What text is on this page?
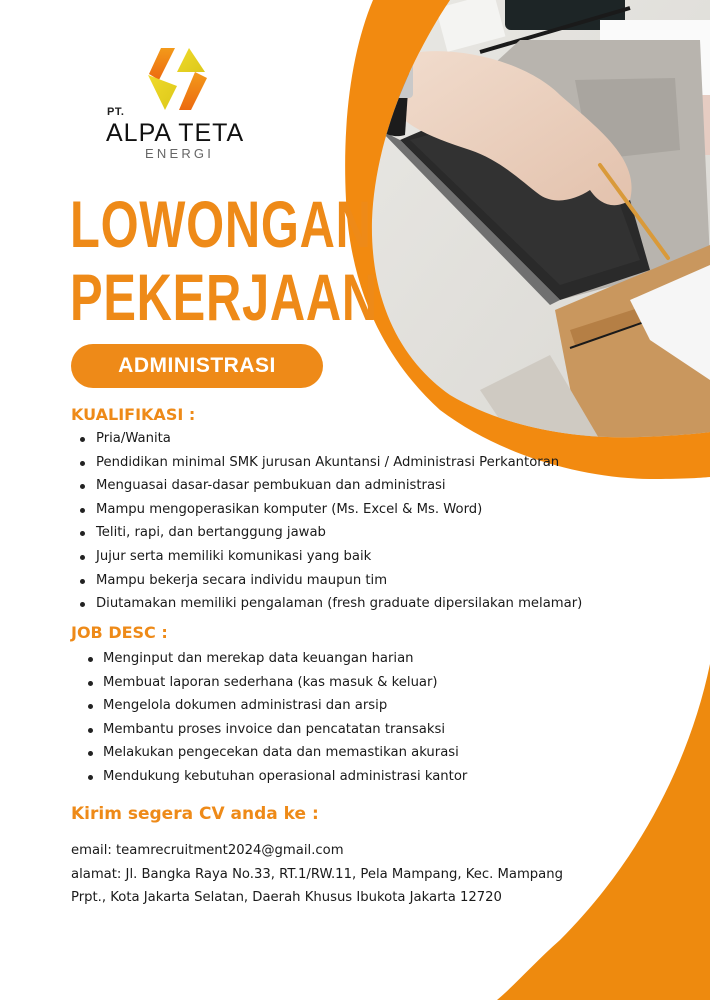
PT.
ALPA TETA
ENERGI
LOWONGAN
PEKERJAAN
ADMINISTRASI
KUALIFIKASI :
Pria/Wanita
Pendidikan minimal SMK jurusan Akuntansi / Administrasi Perkantoran
Menguasai dasar-dasar pembukuan dan administrasi
Mampu mengoperasikan komputer (Ms. Excel & Ms. Word)
Teliti, rapi, dan bertanggung jawab
Jujur serta memiliki komunikasi yang baik
Mampu bekerja secara individu maupun tim
Diutamakan memiliki pengalaman (fresh graduate dipersilakan melamar)
JOB DESC :
Menginput dan merekap data keuangan harian
Membuat laporan sederhana (kas masuk & keluar)
Mengelola dokumen administrasi dan arsip
Membantu proses invoice dan pencatatan transaksi
Melakukan pengecekan data dan memastikan akurasi
Mendukung kebutuhan operasional administrasi kantor
Kirim segera CV anda ke :
email: teamrecruitment2024@gmail.com
alamat: Jl. Bangka Raya No.33, RT.1/RW.11, Pela Mampang, Kec. Mampang
Prpt., Kota Jakarta Selatan, Daerah Khusus Ibukota Jakarta 12720
